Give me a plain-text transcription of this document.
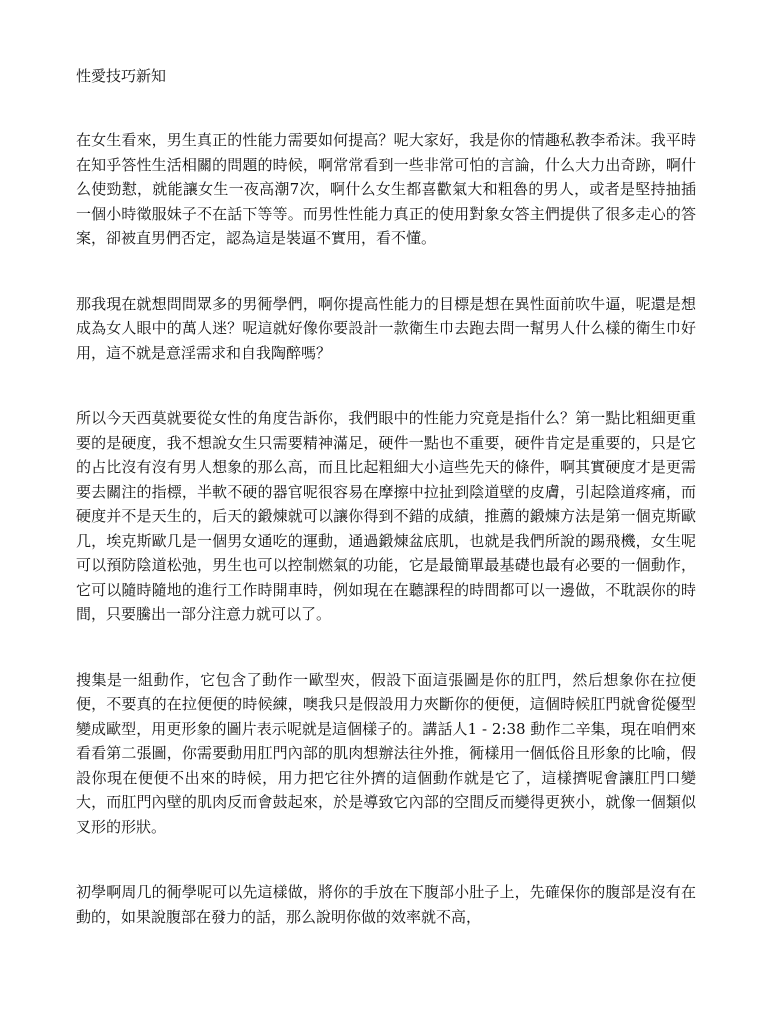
性愛技巧新知

在女生看來，男生真正的性能力需要如何提高？呢大家好，我是你的情趣私教李希沫。我平時在知乎答性生活相關的問題的時候，啊常常看到一些非常可怕的言論，什么大力出奇跡，啊什么使勁懟，就能讓女生一夜高潮7次，啊什么女生都喜歡氣大和粗魯的男人，或者是堅持抽插一個小時徵服妹子不在話下等等。而男性性能力真正的使用對象女答主們提供了很多走心的答案，卻被直男們否定，認為這是裝逼不實用，看不懂。

那我現在就想問問眾多的男衕學們，啊你提高性能力的目標是想在異性面前吹牛逼，呢還是想成為女人眼中的萬人迷？呢這就好像你要設計一款衛生巾去跑去問一幫男人什么樣的衛生巾好用，這不就是意淫需求和自我陶醉嗎？

所以今天西莫就要從女性的角度告訴你，我們眼中的性能力究竟是指什么？第一點比粗細更重要的是硬度，我不想說女生只需要精神滿足，硬件一點也不重要，硬件肯定是重要的，只是它的占比沒有沒有男人想象的那么高，而且比起粗細大小這些先天的條件，啊其實硬度才是更需要去關注的指標，半軟不硬的器官呢很容易在摩擦中拉扯到陰道壁的皮膚，引起陰道疼痛，而硬度并不是天生的，后天的鍛煉就可以讓你得到不錯的成績，推薦的鍛煉方法是第一個克斯歐几，埃克斯歐几是一個男女通吃的運動，通過鍛煉盆底肌，也就是我們所說的踢飛機，女生呢可以預防陰道松弛，男生也可以控制燃氣的功能，它是最簡單最基礎也最有必要的一個動作，它可以隨時隨地的進行工作時開車時，例如現在在聽課程的時間都可以一邊做，不耽誤你的時間，只要騰出一部分注意力就可以了。

搜集是一組動作，它包含了動作一歐型夾，假設下面這張圖是你的肛門，然后想象你在拉便便，不要真的在拉便便的時候練，噢我只是假設用力夾斷你的便便，這個時候肛門就會從優型變成歐型，用更形象的圖片表示呢就是這個樣子的。講話人1 - 2:38 動作二辛集，現在咱們來看看第二張圖，你需要動用肛門內部的肌肉想辦法往外推，衕樣用一個低俗且形象的比喻，假設你現在便便不出來的時候，用力把它往外擠的這個動作就是它了，這樣擠呢會讓肛門口變大，而肛門內壁的肌肉反而會鼓起來，於是導致它內部的空間反而變得更狹小，就像一個類似叉形的形狀。

初學啊周几的衕學呢可以先這樣做，將你的手放在下腹部小肚子上，先確保你的腹部是沒有在動的，如果說腹部在發力的話，那么說明你做的效率就不高，
